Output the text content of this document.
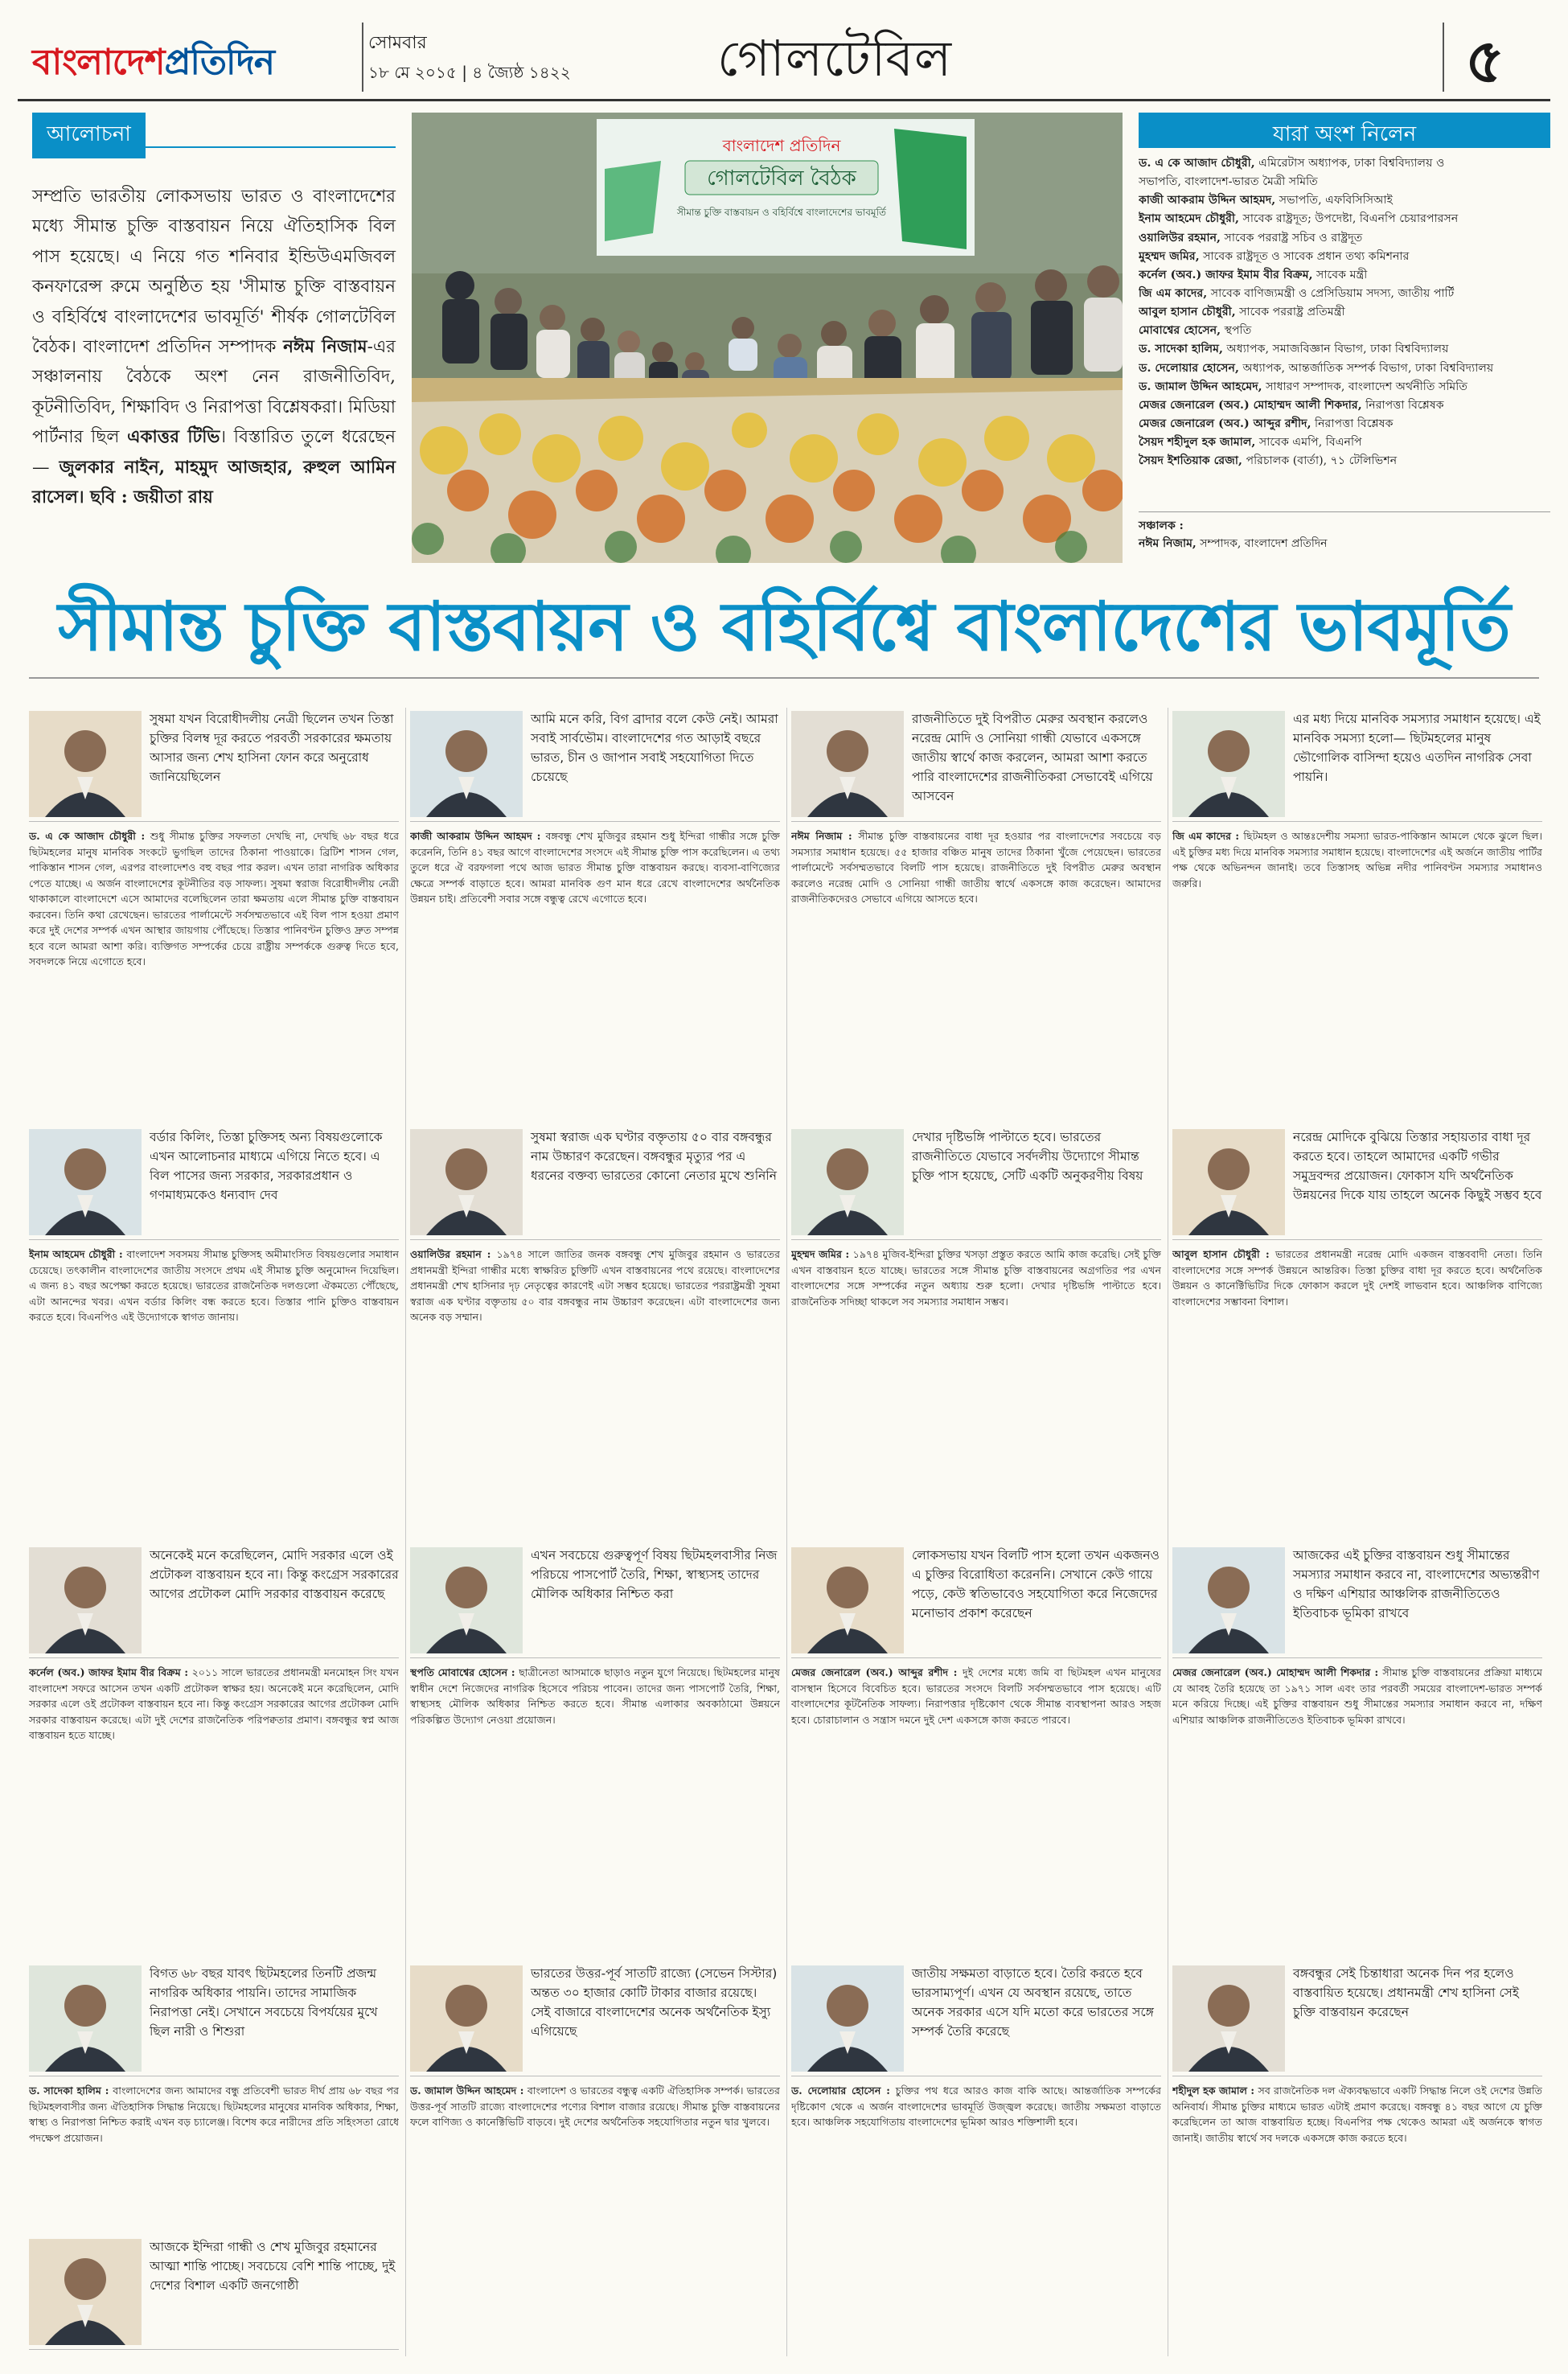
বাংলাদেশপ্রতিদিন	সোমবার
১৮ মে ২০১৫ | ৪ জ্যৈষ্ঠ ১৪২২	গোলটেবিল	৫
আলোচনা
সম্প্রতি ভারতীয় লোকসভায় ভারত ও বাংলাদেশের মধ্যে সীমান্ত চুক্তি বাস্তবায়ন নিয়ে ঐতিহাসিক বিল পাস হয়েছে। এ নিয়ে গত শনিবার ইন্ডিউএমজিবল কনফারেন্স রুমে অনুষ্ঠিত হয় 'সীমান্ত চুক্তি বাস্তবায়ন ও বহির্বিশ্বে বাংলাদেশের ভাবমূর্তি' শীর্ষক গোলটেবিল বৈঠক। বাংলাদেশ প্রতিদিন সম্পাদক নঈম নিজাম-এর সঞ্চালনায় বৈঠকে অংশ নেন রাজনীতিবিদ, কূটনীতিবিদ, শিক্ষাবিদ ও নিরাপত্তা বিশ্লেষকরা। মিডিয়া পার্টনার ছিল একাত্তর টিভি। বিস্তারিত তুলে ধরেছেন— জুলকার নাইন, মাহমুদ আজহার, রুহুল আমিন রাসেল। ছবি : জয়ীতা রায়
বাংলাদেশ প্রতিদিন
গোলটেবিল বৈঠক
সীমান্ত চুক্তি বাস্তবায়ন ও বহির্বিশ্বে বাংলাদেশের ভাবমূর্তি
যারা অংশ নিলেন
ড. এ কে আজাদ চৌধুরী, এমিরেটাস অধ্যাপক, ঢাকা বিশ্ববিদ্যালয় ও
সভাপতি, বাংলাদেশ-ভারত মৈত্রী সমিতি
কাজী আকরাম উদ্দিন আহমদ, সভাপতি, এফবিসিসিআই
ইনাম আহমেদ চৌধুরী, সাবেক রাষ্ট্রদূত; উপদেষ্টা, বিএনপি চেয়ারপারসন
ওয়ালিউর রহমান, সাবেক পররাষ্ট্র সচিব ও রাষ্ট্রদূত
মুহম্মদ জমির, সাবেক রাষ্ট্রদূত ও সাবেক প্রধান তথ্য কমিশনার
কর্নেল (অব.) জাফর ইমাম বীর বিক্রম, সাবেক মন্ত্রী
জি এম কাদের, সাবেক বাণিজ্যমন্ত্রী ও প্রেসিডিয়াম সদস্য, জাতীয় পার্টি
আবুল হাসান চৌধুরী, সাবেক পররাষ্ট্র প্রতিমন্ত্রী
মোবাশ্বের হোসেন, স্থপতি
ড. সাদেকা হালিম, অধ্যাপক, সমাজবিজ্ঞান বিভাগ, ঢাকা বিশ্ববিদ্যালয়
ড. দেলোয়ার হোসেন, অধ্যাপক, আন্তর্জাতিক সম্পর্ক বিভাগ, ঢাকা বিশ্ববিদ্যালয়
ড. জামাল উদ্দিন আহমেদ, সাধারণ সম্পাদক, বাংলাদেশ অর্থনীতি সমিতি
মেজর জেনারেল (অব.) মোহাম্মদ আলী শিকদার, নিরাপত্তা বিশ্লেষক
মেজর জেনারেল (অব.) আব্দুর রশীদ, নিরাপত্তা বিশ্লেষক
সৈয়দ শহীদুল হক জামাল, সাবেক এমপি, বিএনপি
সৈয়দ ইশতিয়াক রেজা, পরিচালক (বার্তা), ৭১ টেলিভিশন
সঞ্চালক :
নঈম নিজাম, সম্পাদক, বাংলাদেশ প্রতিদিন
সীমান্ত চুক্তি বাস্তবায়ন ও বহির্বিশ্বে বাংলাদেশের ভাবমূর্তি
সুষমা যখন বিরোধীদলীয় নেত্রী ছিলেন তখন তিস্তা চুক্তির বিলম্ব দূর করতে পরবর্তী সরকারের ক্ষমতায় আসার জন্য শেখ হাসিনা ফোন করে অনুরোধ জানিয়েছিলেন
ড. এ কে আজাদ চৌধুরী : শুধু সীমান্ত চুক্তির সফলতা দেখছি না, দেখছি ৬৮ বছর ধরে ছিটমহলের মানুষ মানবিক সংকটে ভুগছিল তাদের ঠিকানা পাওয়াকে। ব্রিটিশ শাসন গেল, পাকিস্তান শাসন গেল, এরপর বাংলাদেশও বহু বছর পার করল। এখন তারা নাগরিক অধিকার পেতে যাচ্ছে। এ অর্জন বাংলাদেশের কূটনীতির বড় সাফল্য। সুষমা স্বরাজ বিরোধীদলীয় নেত্রী থাকাকালে বাংলাদেশে এসে আমাদের বলেছিলেন তারা ক্ষমতায় এলে সীমান্ত চুক্তি বাস্তবায়ন করবেন। তিনি কথা রেখেছেন। ভারতের পার্লামেন্টে সর্বসম্মতভাবে এই বিল পাস হওয়া প্রমাণ করে দুই দেশের সম্পর্ক এখন আস্থার জায়গায় পৌঁছেছে। তিস্তার পানিবণ্টন চুক্তিও দ্রুত সম্পন্ন হবে বলে আমরা আশা করি। ব্যক্তিগত সম্পর্কের চেয়ে রাষ্ট্রীয় সম্পর্ককে গুরুত্ব দিতে হবে, সবদলকে নিয়ে এগোতে হবে।
বর্ডার কিলিং, তিস্তা চুক্তিসহ অন্য বিষয়গুলোকে এখন আলোচনার মাধ্যমে এগিয়ে নিতে হবে। এ বিল পাসের জন্য সরকার, সরকারপ্রধান ও গণমাধ্যমকেও ধন্যবাদ দেব
ইনাম আহমেদ চৌধুরী : বাংলাদেশ সবসময় সীমান্ত চুক্তিসহ অমীমাংসিত বিষয়গুলোর সমাধান চেয়েছে। তৎকালীন বাংলাদেশের জাতীয় সংসদে প্রথম এই সীমান্ত চুক্তি অনুমোদন দিয়েছিল। এ জন্য ৪১ বছর অপেক্ষা করতে হয়েছে। ভারতের রাজনৈতিক দলগুলো ঐকমত্যে পৌঁছেছে, এটা আনন্দের খবর। এখন বর্ডার কিলিং বন্ধ করতে হবে। তিস্তার পানি চুক্তিও বাস্তবায়ন করতে হবে। বিএনপিও এই উদ্যোগকে স্বাগত জানায়।
অনেকেই মনে করেছিলেন, মোদি সরকার এলে ওই প্রটোকল বাস্তবায়ন হবে না। কিন্তু কংগ্রেস সরকারের আগের প্রটোকল মোদি সরকার বাস্তবায়ন করেছে
কর্নেল (অব.) জাফর ইমাম বীর বিক্রম : ২০১১ সালে ভারতের প্রধানমন্ত্রী মনমোহন সিং যখন বাংলাদেশ সফরে আসেন তখন একটি প্রটোকল স্বাক্ষর হয়। অনেকেই মনে করেছিলেন, মোদি সরকার এলে ওই প্রটোকল বাস্তবায়ন হবে না। কিন্তু কংগ্রেস সরকারের আগের প্রটোকল মোদি সরকার বাস্তবায়ন করেছে। এটা দুই দেশের রাজনৈতিক পরিপক্বতার প্রমাণ। বঙ্গবন্ধুর স্বপ্ন আজ বাস্তবায়ন হতে যাচ্ছে।
বিগত ৬৮ বছর যাবৎ ছিটমহলের তিনটি প্রজন্ম নাগরিক অধিকার পায়নি। তাদের সামাজিক নিরাপত্তা নেই। সেখানে সবচেয়ে বিপর্যয়ের মুখে ছিল নারী ও শিশুরা
ড. সাদেকা হালিম : বাংলাদেশের জন্য আমাদের বন্ধু প্রতিবেশী ভারত দীর্ঘ প্রায় ৬৮ বছর পর ছিটমহলবাসীর জন্য ঐতিহাসিক সিদ্ধান্ত নিয়েছে। ছিটমহলের মানুষের মানবিক অধিকার, শিক্ষা, স্বাস্থ্য ও নিরাপত্তা নিশ্চিত করাই এখন বড় চ্যালেঞ্জ। বিশেষ করে নারীদের প্রতি সহিংসতা রোধে পদক্ষেপ প্রয়োজন।
আজকে ইন্দিরা গান্ধী ও শেখ মুজিবুর রহমানের আত্মা শান্তি পাচ্ছে। সবচেয়ে বেশি শান্তি পাচ্ছে, দুই দেশের বিশাল একটি জনগোষ্ঠী
আমি মনে করি, বিগ ব্রাদার বলে কেউ নেই। আমরা সবাই সার্বভৌম। বাংলাদেশের গত আড়াই বছরে ভারত, চীন ও জাপান সবাই সহযোগিতা দিতে চেয়েছে
কাজী আকরাম উদ্দিন আহমদ : বঙ্গবন্ধু শেখ মুজিবুর রহমান শুধু ইন্দিরা গান্ধীর সঙ্গে চুক্তি করেননি, তিনি ৪১ বছর আগে বাংলাদেশের সংসদে এই সীমান্ত চুক্তি পাস করেছিলেন। এ তথ্য তুলে ধরে ঐ বরফগলা পথে আজ ভারত সীমান্ত চুক্তি বাস্তবায়ন করছে। ব্যবসা-বাণিজ্যের ক্ষেত্রে সম্পর্ক বাড়াতে হবে। আমরা মানবিক গুণ মান ধরে রেখে বাংলাদেশের অর্থনৈতিক উন্নয়ন চাই। প্রতিবেশী সবার সঙ্গে বন্ধুত্ব রেখে এগোতে হবে।
সুষমা স্বরাজ এক ঘণ্টার বক্তৃতায় ৫০ বার বঙ্গবন্ধুর নাম উচ্চারণ করেছেন। বঙ্গবন্ধুর মৃত্যুর পর এ ধরনের বক্তব্য ভারতের কোনো নেতার মুখে শুনিনি
ওয়ালিউর রহমান : ১৯৭৪ সালে জাতির জনক বঙ্গবন্ধু শেখ মুজিবুর রহমান ও ভারতের প্রধানমন্ত্রী ইন্দিরা গান্ধীর মধ্যে স্বাক্ষরিত চুক্তিটি এখন বাস্তবায়নের পথে রয়েছে। বাংলাদেশের প্রধানমন্ত্রী শেখ হাসিনার দৃঢ় নেতৃত্বের কারণেই এটা সম্ভব হয়েছে। ভারতের পররাষ্ট্রমন্ত্রী সুষমা স্বরাজ এক ঘণ্টার বক্তৃতায় ৫০ বার বঙ্গবন্ধুর নাম উচ্চারণ করেছেন। এটা বাংলাদেশের জন্য অনেক বড় সম্মান।
এখন সবচেয়ে গুরুত্বপূর্ণ বিষয় ছিটমহলবাসীর নিজ পরিচয়ে পাসপোর্ট তৈরি, শিক্ষা, স্বাস্থ্যসহ তাদের মৌলিক অধিকার নিশ্চিত করা
স্থপতি মোবাশ্বের হোসেন : ছাত্রীনেতা আসমাকে ছাড়াও নতুন যুগে নিয়েছে। ছিটমহলের মানুষ স্বাধীন দেশে নিজেদের নাগরিক হিসেবে পরিচয় পাবেন। তাদের জন্য পাসপোর্ট তৈরি, শিক্ষা, স্বাস্থ্যসহ মৌলিক অধিকার নিশ্চিত করতে হবে। সীমান্ত এলাকার অবকাঠামো উন্নয়নে পরিকল্পিত উদ্যোগ নেওয়া প্রয়োজন।
ভারতের উত্তর-পূর্ব সাতটি রাজ্যে (সেভেন সিস্টার) অন্তত ৩০ হাজার কোটি টাকার বাজার রয়েছে। সেই বাজারে বাংলাদেশের অনেক অর্থনৈতিক ইস্যু এগিয়েছে
ড. জামাল উদ্দিন আহমেদ : বাংলাদেশ ও ভারতের বন্ধুত্ব একটি ঐতিহাসিক সম্পর্ক। ভারতের উত্তর-পূর্ব সাতটি রাজ্যে বাংলাদেশের পণ্যের বিশাল বাজার রয়েছে। সীমান্ত চুক্তি বাস্তবায়নের ফলে বাণিজ্য ও কানেক্টিভিটি বাড়বে। দুই দেশের অর্থনৈতিক সহযোগিতার নতুন দ্বার খুলবে।
রাজনীতিতে দুই বিপরীত মেরুর অবস্থান করলেও নরেন্দ্র মোদি ও সোনিয়া গান্ধী যেভাবে একসঙ্গে জাতীয় স্বার্থে কাজ করলেন, আমরা আশা করতে পারি বাংলাদেশের রাজনীতিকরা সেভাবেই এগিয়ে আসবেন
নঈম নিজাম : সীমান্ত চুক্তি বাস্তবায়নের বাধা দূর হওয়ার পর বাংলাদেশের সবচেয়ে বড় সমস্যার সমাধান হয়েছে। ৫৫ হাজার বঞ্চিত মানুষ তাদের ঠিকানা খুঁজে পেয়েছেন। ভারতের পার্লামেন্টে সর্বসম্মতভাবে বিলটি পাস হয়েছে। রাজনীতিতে দুই বিপরীত মেরুর অবস্থান করলেও নরেন্দ্র মোদি ও সোনিয়া গান্ধী জাতীয় স্বার্থে একসঙ্গে কাজ করেছেন। আমাদের রাজনীতিকদেরও সেভাবে এগিয়ে আসতে হবে।
দেখার দৃষ্টিভঙ্গি পাল্টাতে হবে। ভারতের রাজনীতিতে যেভাবে সর্বদলীয় উদ্যোগে সীমান্ত চুক্তি পাস হয়েছে, সেটি একটি অনুকরণীয় বিষয়
মুহম্মদ জমির : ১৯৭৪ মুজিব-ইন্দিরা চুক্তির খসড়া প্রস্তুত করতে আমি কাজ করেছি। সেই চুক্তি এখন বাস্তবায়ন হতে যাচ্ছে। ভারতের সঙ্গে সীমান্ত চুক্তি বাস্তবায়নের অগ্রগতির পর এখন বাংলাদেশের সঙ্গে সম্পর্কের নতুন অধ্যায় শুরু হলো। দেখার দৃষ্টিভঙ্গি পাল্টাতে হবে। রাজনৈতিক সদিচ্ছা থাকলে সব সমস্যার সমাধান সম্ভব।
লোকসভায় যখন বিলটি পাস হলো তখন একজনও এ চুক্তির বিরোধিতা করেননি। সেখানে কেউ গায়ে পড়ে, কেউ স্বতিভাবেও সহযোগিতা করে নিজেদের মনোভাব প্রকাশ করেছেন
মেজর জেনারেল (অব.) আব্দুর রশীদ : দুই দেশের মধ্যে জমি বা ছিটমহল এখন মানুষের বাসস্থান হিসেবে বিবেচিত হবে। ভারতের সংসদে বিলটি সর্বসম্মতভাবে পাস হয়েছে। এটি বাংলাদেশের কূটনৈতিক সাফল্য। নিরাপত্তার দৃষ্টিকোণ থেকে সীমান্ত ব্যবস্থাপনা আরও সহজ হবে। চোরাচালান ও সন্ত্রাস দমনে দুই দেশ একসঙ্গে কাজ করতে পারবে।
জাতীয় সক্ষমতা বাড়াতে হবে। তৈরি করতে হবে ভারসাম্যপূর্ণ। এখন যে অবস্থান রয়েছে, তাতে অনেক সরকার এসে যদি মতো করে ভারতের সঙ্গে সম্পর্ক তৈরি করেছে
ড. দেলোয়ার হোসেন : চুক্তির পথ ধরে আরও কাজ বাকি আছে। আন্তর্জাতিক সম্পর্কের দৃষ্টিকোণ থেকে এ অর্জন বাংলাদেশের ভাবমূর্তি উজ্জ্বল করেছে। জাতীয় সক্ষমতা বাড়াতে হবে। আঞ্চলিক সহযোগিতায় বাংলাদেশের ভূমিকা আরও শক্তিশালী হবে।
এর মধ্য দিয়ে মানবিক সমস্যার সমাধান হয়েছে। এই মানবিক সমস্যা হলো— ছিটমহলের মানুষ ভৌগোলিক বাসিন্দা হয়েও এতদিন নাগরিক সেবা পায়নি।
জি এম কাদের : ছিটমহল ও আন্তঃদেশীয় সমস্যা ভারত-পাকিস্তান আমলে থেকে ঝুলে ছিল। এই চুক্তির মধ্য দিয়ে মানবিক সমস্যার সমাধান হয়েছে। বাংলাদেশের এই অর্জনে জাতীয় পার্টির পক্ষ থেকে অভিনন্দন জানাই। তবে তিস্তাসহ অভিন্ন নদীর পানিবণ্টন সমস্যার সমাধানও জরুরি।
নরেন্দ্র মোদিকে বুঝিয়ে তিস্তার সহায়তার বাধা দূর করতে হবে। তাহলে আমাদের একটি গভীর সমুদ্রবন্দর প্রয়োজন। ফোকাস যদি অর্থনৈতিক উন্নয়নের দিকে যায় তাহলে অনেক কিছুই সম্ভব হবে
আবুল হাসান চৌধুরী : ভারতের প্রধানমন্ত্রী নরেন্দ্র মোদি একজন বাস্তববাদী নেতা। তিনি বাংলাদেশের সঙ্গে সম্পর্ক উন্নয়নে আন্তরিক। তিস্তা চুক্তির বাধা দূর করতে হবে। অর্থনৈতিক উন্নয়ন ও কানেক্টিভিটির দিকে ফোকাস করলে দুই দেশই লাভবান হবে। আঞ্চলিক বাণিজ্যে বাংলাদেশের সম্ভাবনা বিশাল।
আজকের এই চুক্তির বাস্তবায়ন শুধু সীমান্তের সমস্যার সমাধান করবে না, বাংলাদেশের অভ্যন্তরীণ ও দক্ষিণ এশিয়ার আঞ্চলিক রাজনীতিতেও ইতিবাচক ভূমিকা রাখবে
মেজর জেনারেল (অব.) মোহাম্মদ আলী শিকদার : সীমান্ত চুক্তি বাস্তবায়নের প্রক্রিয়া মাধ্যমে যে আবহ তৈরি হয়েছে তা ১৯৭১ সাল এবং তার পরবর্তী সময়ের বাংলাদেশ-ভারত সম্পর্ক মনে করিয়ে দিচ্ছে। এই চুক্তির বাস্তবায়ন শুধু সীমান্তের সমস্যার সমাধান করবে না, দক্ষিণ এশিয়ার আঞ্চলিক রাজনীতিতেও ইতিবাচক ভূমিকা রাখবে।
বঙ্গবন্ধুর সেই চিন্তাধারা অনেক দিন পর হলেও বাস্তবায়িত হয়েছে। প্রধানমন্ত্রী শেখ হাসিনা সেই চুক্তি বাস্তবায়ন করেছেন
শহীদুল হক জামাল : সব রাজনৈতিক দল ঐক্যবদ্ধভাবে একটি সিদ্ধান্ত নিলে ওই দেশের উন্নতি অনিবার্য। সীমান্ত চুক্তির মাধ্যমে ভারত এটাই প্রমাণ করেছে। বঙ্গবন্ধু ৪১ বছর আগে যে চুক্তি করেছিলেন তা আজ বাস্তবায়িত হচ্ছে। বিএনপির পক্ষ থেকেও আমরা এই অর্জনকে স্বাগত জানাই। জাতীয় স্বার্থে সব দলকে একসঙ্গে কাজ করতে হবে।
